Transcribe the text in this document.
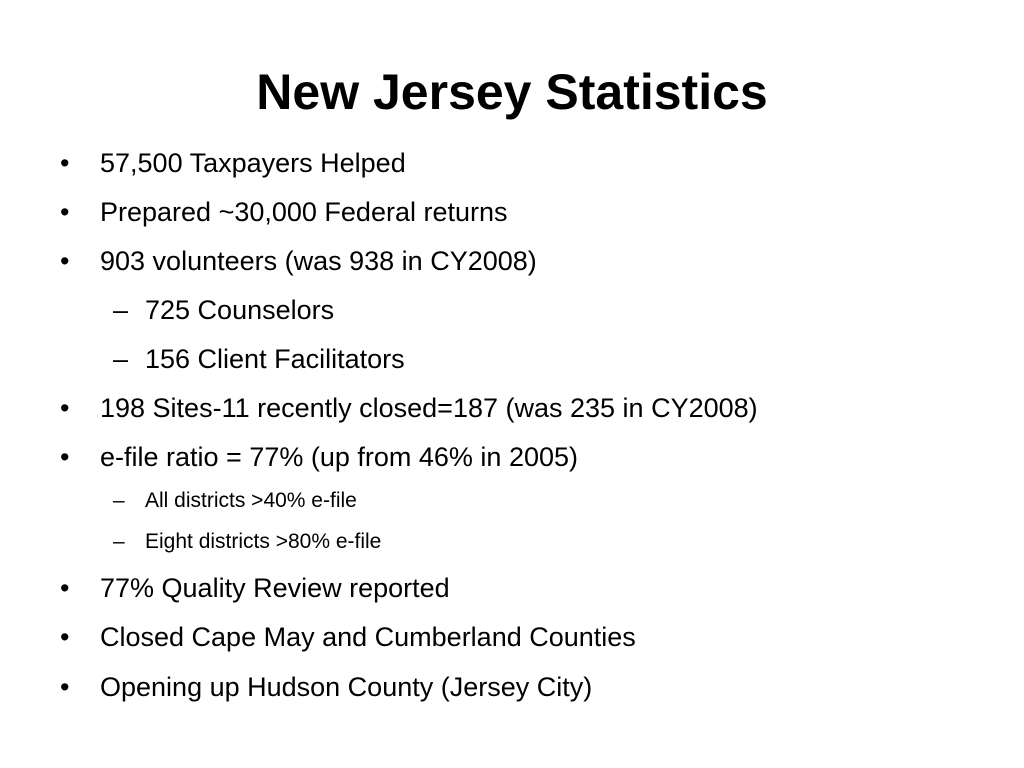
New Jersey Statistics
• 57,500 Taxpayers Helped
• Prepared ~30,000 Federal returns
• 903 volunteers (was 938 in CY2008)
– 725 Counselors
– 156 Client Facilitators
• 198 Sites-11 recently closed=187 (was 235 in CY2008)
• e-file ratio = 77% (up from 46% in 2005)
– All districts >40% e-file
– Eight districts >80% e-file
• 77% Quality Review reported
• Closed Cape May and Cumberland Counties
• Opening up Hudson County (Jersey City)
